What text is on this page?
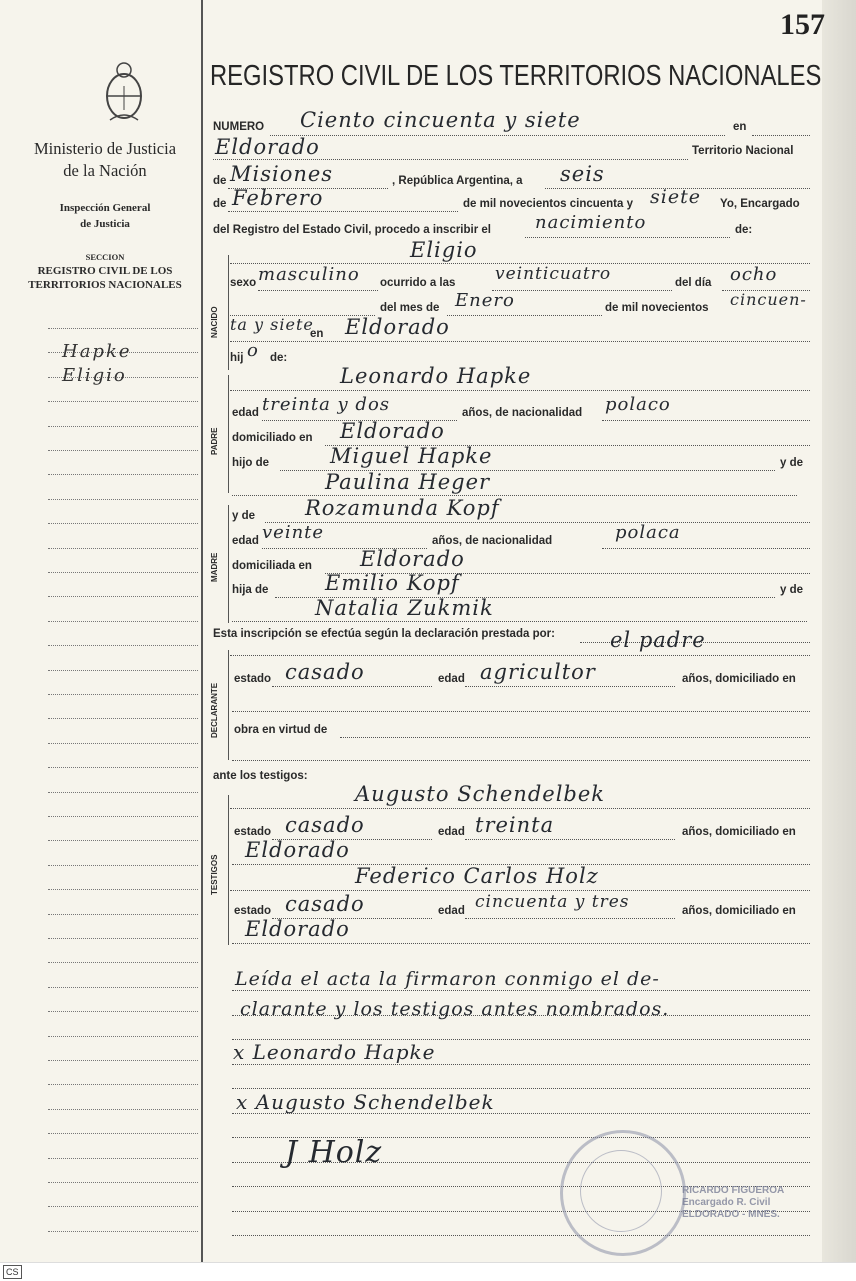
157
Ministerio de Justicia
de la Nación
Inspección General
de Justicia
SECCION
REGISTRO CIVIL DE LOS
TERRITORIOS NACIONALES
Hapke
Eligio
REGISTRO CIVIL DE LOS TERRITORIOS NACIONALES
NUMERO Ciento cincuenta y siete	en
Eldorado	Territorio Nacional
de Misiones	, República Argentina, a seis
de Febrero	de mil novecientos cincuenta y siete Yo, Encargado
del Registro del Estado Civil, procedo a inscribir el nacimiento	de:
NACIDO
Eligio
sexo masculino ocurrido a las veinticuatro	del día ocho
del mes de Enero	de mil novecientos cincuen-
ta y siete
en Eldorado
hij o de:
PADRE
Leonardo Hapke
edad treinta y dos	años, de nacionalidad polaco
domiciliado en Eldorado
hijo de	Miguel Hapke	y de
Paulina Heger
MADRE
y de Rozamunda Kopf
edad veinte	años, de nacionalidad	polaca
domiciliada en Eldorado
hija de	Emilio Kopf	y de
Natalia Zukmik
Esta inscripción se efectúa según la declaración prestada por:	el padre
DECLARANTE
estado casado	edad agricultor	años, domiciliado en
obra en virtud de
ante los testigos:
TESTIGOS
Augusto Schendelbek
estado casado	edad treinta	años, domiciliado en
Eldorado
Federico Carlos Holz
estado casado	edad cincuenta y tres	años, domiciliado en
Eldorado
Leída el acta la firmaron conmigo el de-
clarante y los testigos antes nombrados.
x Leonardo Hapke
x Augusto Schendelbek
J Holz
RICARDO FIGUEROA
Encargado R. Civil
ELDORADO - MNES.
CS
